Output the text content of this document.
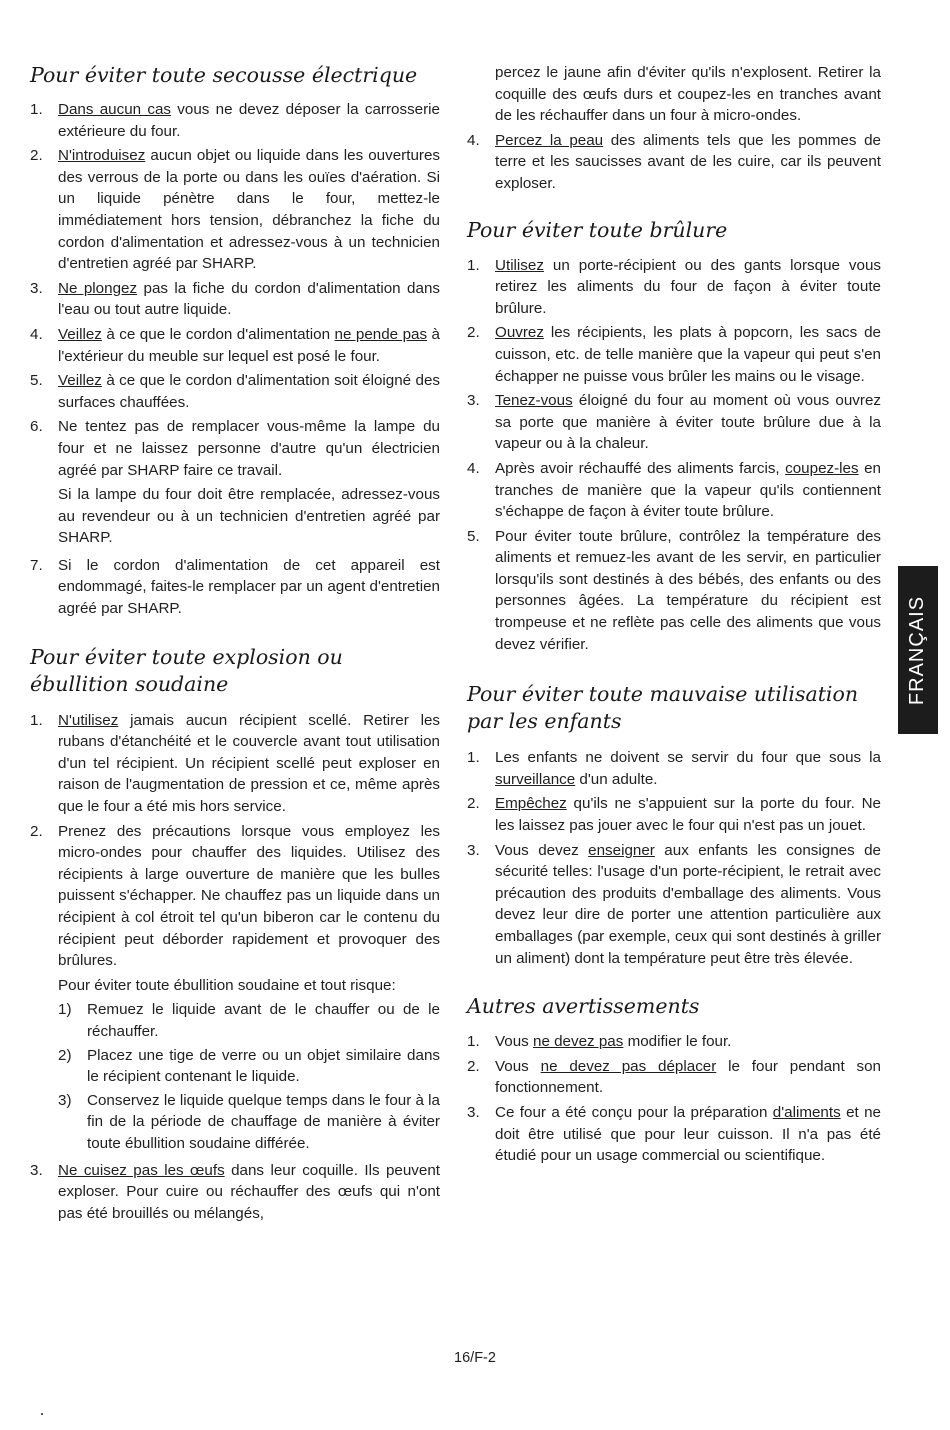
Pour éviter toute secousse électrique
1.	Dans aucun cas vous ne devez déposer la carrosserie extérieure du four.
2.	N'introduisez aucun objet ou liquide dans les ouvertures des verrous de la porte ou dans les ouïes d'aération. Si un liquide pénètre dans le four, mettez-le immédiatement hors tension, débranchez la fiche du cordon d'alimentation et adressez-vous à un technicien d'entretien agréé par SHARP.
3.	Ne plongez pas la fiche du cordon d'alimentation dans l'eau ou tout autre liquide.
4.	Veillez à ce que le cordon d'alimentation ne pende pas à l'extérieur du meuble sur lequel est posé le four.
5.	Veillez à ce que le cordon d'alimentation soit éloigné des surfaces chauffées.
6.	Ne tentez pas de remplacer vous-même la lampe du four et ne laissez personne d'autre qu'un électricien agréé par SHARP faire ce travail.
Si la lampe du four doit être remplacée, adressez-vous au revendeur ou à un technicien d'entretien agréé par SHARP.
7.	Si le cordon d'alimentation de cet appareil est endommagé, faites-le remplacer par un agent d'entretien agréé par SHARP.
Pour éviter toute explosion ou ébullition soudaine
1.	N'utilisez jamais aucun récipient scellé. Retirer les rubans d'étanchéité et le couvercle avant tout utilisation d'un tel récipient. Un récipient scellé peut exploser en raison de l'augmentation de pression et ce, même après que le four a été mis hors service.
2.	Prenez des précautions lorsque vous employez les micro-ondes pour chauffer des liquides. Utilisez des récipients à large ouverture de manière que les bulles puissent s'échapper. Ne chauffez pas un liquide dans un récipient à col étroit tel qu'un biberon car le contenu du récipient peut déborder rapidement et provoquer des brûlures.
Pour éviter toute ébullition soudaine et tout risque:
1)	Remuez le liquide avant de le chauffer ou de le réchauffer.
2)	Placez une tige de verre ou un objet similaire dans le récipient contenant le liquide.
3)	Conservez le liquide quelque temps dans le four à la fin de la période de chauffage de manière à éviter toute ébullition soudaine différée.
3.	Ne cuisez pas les œufs dans leur coquille. Ils peuvent exploser. Pour cuire ou réchauffer des œufs qui n'ont pas été brouillés ou mélangés,
percez le jaune afin d'éviter qu'ils n'explosent. Retirer la coquille des œufs durs et coupez-les en tranches avant de les réchauffer dans un four à micro-ondes.
4.	Percez la peau des aliments tels que les pommes de terre et les saucisses avant de les cuire, car ils peuvent exploser.
Pour éviter toute brûlure
1.	Utilisez un porte-récipient ou des gants lorsque vous retirez les aliments du four de façon à éviter toute brûlure.
2.	Ouvrez les récipients, les plats à popcorn, les sacs de cuisson, etc. de telle manière que la vapeur qui peut s'en échapper ne puisse vous brûler les mains ou le visage.
3.	Tenez-vous éloigné du four au moment où vous ouvrez sa porte que manière à éviter toute brûlure due à la vapeur ou à la chaleur.
4.	Après avoir réchauffé des aliments farcis, coupez-les en tranches de manière que la vapeur qu'ils contiennent s'échappe de façon à éviter toute brûlure.
5.	Pour éviter toute brûlure, contrôlez la température des aliments et remuez-les avant de les servir, en particulier lorsqu'ils sont destinés à des bébés, des enfants ou des personnes âgées. La température du récipient est trompeuse et ne reflète pas celle des aliments que vous devez vérifier.
Pour éviter toute mauvaise utilisation par les enfants
1.	Les enfants ne doivent se servir du four que sous la surveillance d'un adulte.
2.	Empêchez qu'ils ne s'appuient sur la porte du four. Ne les laissez pas jouer avec le four qui n'est pas un jouet.
3.	Vous devez enseigner aux enfants les consignes de sécurité telles: l'usage d'un porte-récipient, le retrait avec précaution des produits d'emballage des aliments. Vous devez leur dire de porter une attention particulière aux emballages (par exemple, ceux qui sont destinés à griller un aliment) dont la température peut être très élevée.
Autres avertissements
1.	Vous ne devez pas modifier le four.
2.	Vous ne devez pas déplacer le four pendant son fonctionnement.
3.	Ce four a été conçu pour la préparation d'aliments et ne doit être utilisé que pour leur cuisson. Il n'a pas été étudié pour un usage commercial ou scientifique.
FRANÇAIS
16/F-2
